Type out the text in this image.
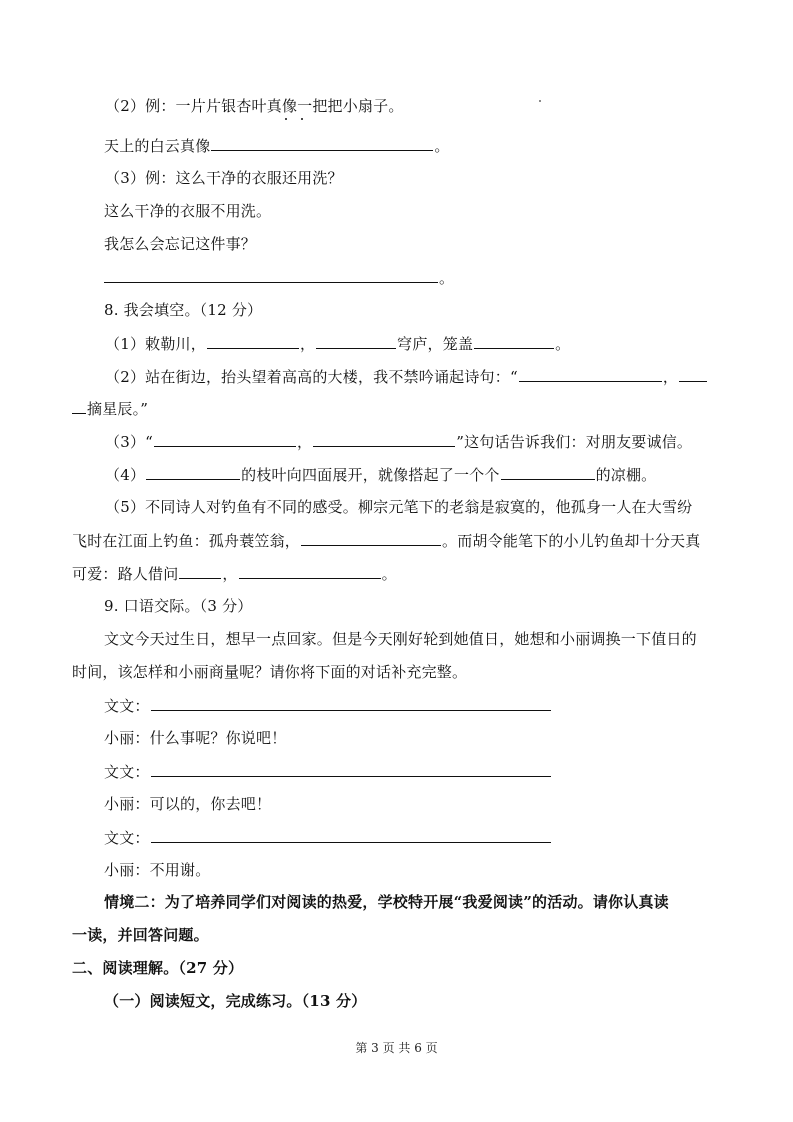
（2）例：一片片银杏叶真像一把把小扇子。
天上的白云真像	。
（3）例：这么干净的衣服还用洗？
这么干净的衣服不用洗。
我怎么会忘记这件事？
。
8. 我会填空。（12 分）
（1）敕勒川，	，	穹庐，笼盖	。
（2）站在街边，抬头望着高高的大楼，我不禁吟诵起诗句：“	，
摘星辰。”
（3）“	，	”这句话告诉我们：对朋友要诚信。
（4）	的枝叶向四面展开，就像搭起了一个个	的凉棚。
（5）不同诗人对钓鱼有不同的感受。柳宗元笔下的老翁是寂寞的，他孤身一人在大雪纷
飞时在江面上钓鱼：孤舟蓑笠翁，	。而胡令能笔下的小儿钓鱼却十分天真
可爱：路人借问	，	。
9. 口语交际。（3 分）
文文今天过生日，想早一点回家。但是今天刚好轮到她值日，她想和小丽调换一下值日的
时间，该怎样和小丽商量呢？请你将下面的对话补充完整。
文文：
小丽：什么事呢？你说吧！
文文：
小丽：可以的，你去吧！
文文：
小丽：不用谢。
情境二：为了培养同学们对阅读的热爱，学校特开展“我爱阅读”的活动。请你认真读
一读，并回答问题。
二、阅读理解。（27 分）
（一）阅读短文，完成练习。（13 分）
第 3 页 共 6 页
